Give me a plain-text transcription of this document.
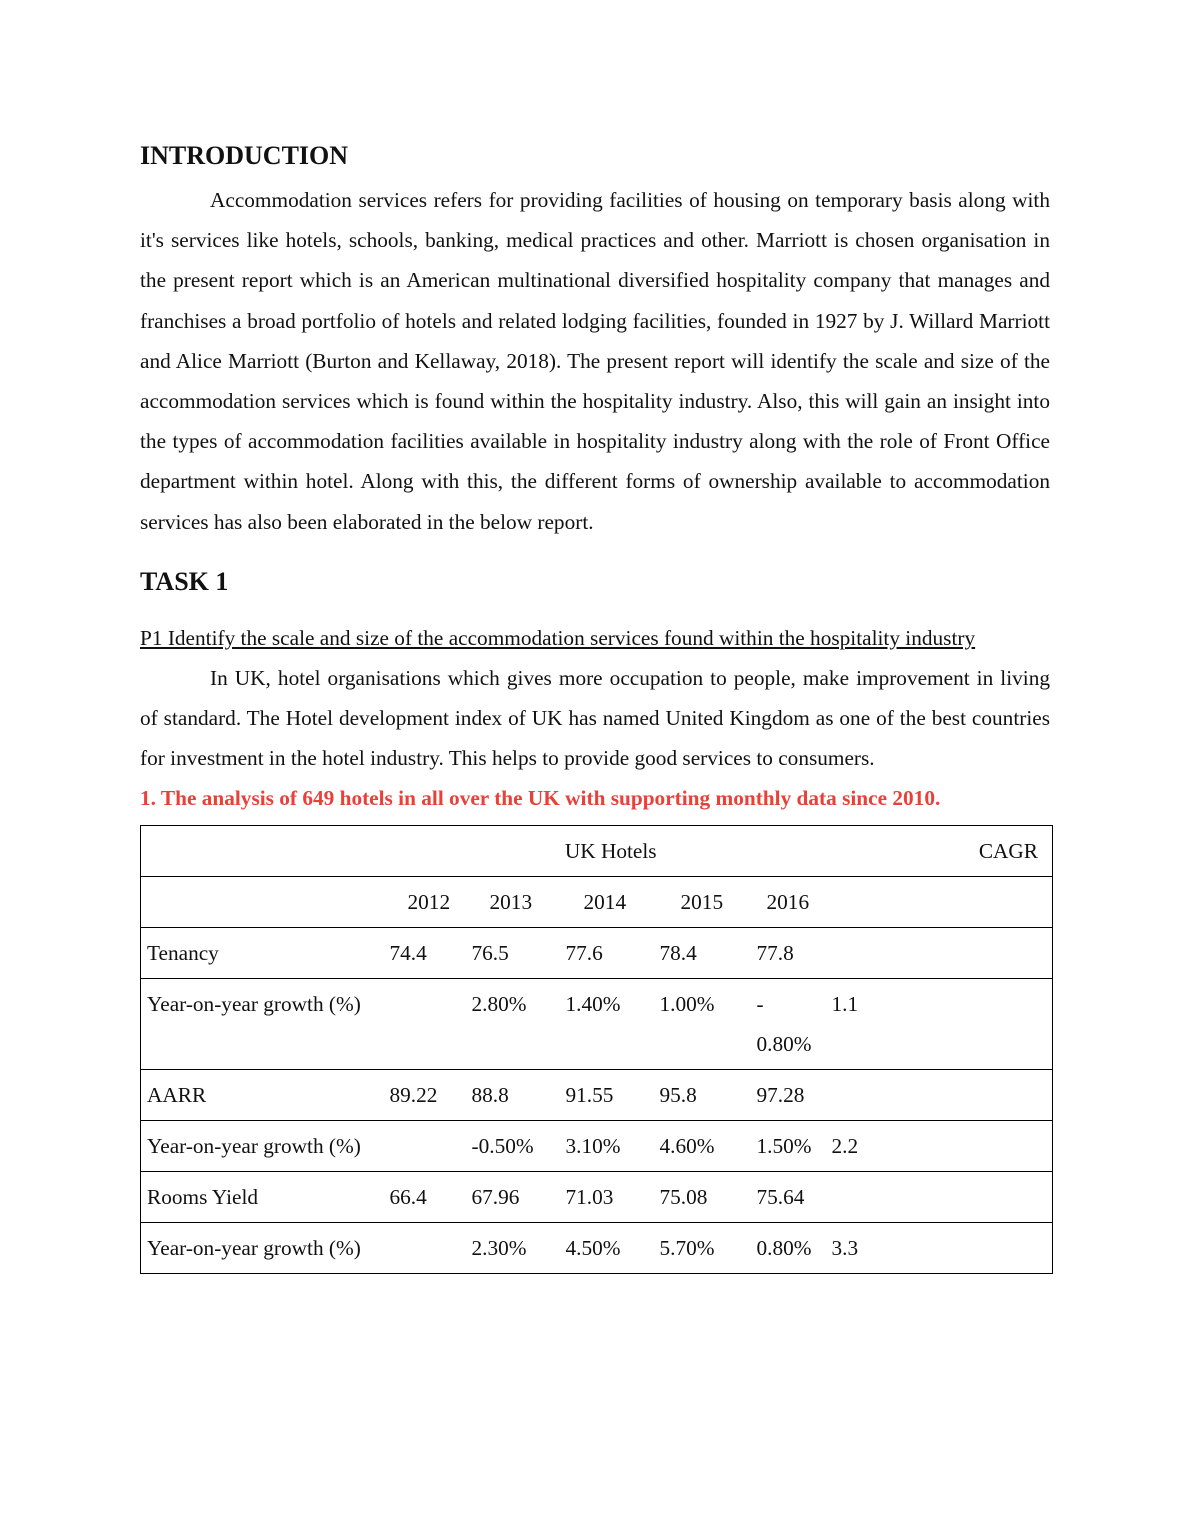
INTRODUCTION

Accommodation services refers for providing facilities of housing on temporary basis along with it's services like hotels, schools, banking, medical practices and other. Marriott is chosen organisation in the present report which is an American multinational diversified hospitality company that manages and franchises a broad portfolio of hotels and related lodging facilities, founded in 1927 by J. Willard Marriott and Alice Marriott (Burton and Kellaway, 2018). The present report will identify the scale and size of the accommodation services which is found within the hospitality industry. Also, this will gain an insight into the types of accommodation facilities available in hospitality industry along with the role of Front Office department within hotel. Along with this, the different forms of ownership available to accommodation services has also been elaborated in the below report.

TASK 1

P1 Identify the scale and size of the accommodation services found within the hospitality industry

In UK, hotel organisations which gives more occupation to people, make improvement in living of standard. The Hotel development index of UK has named United Kingdom as one of the best countries for investment in the hotel industry. This helps to provide good services to consumers.

1. The analysis of 649 hotels in all over the UK with supporting monthly data since 2010.

UK Hotels							CAGR
	2012	2013	2014	2015	2016		
Tenancy	74.4	76.5	77.6	78.4	77.8		
Year-on-year growth (%)		2.80%	1.40%	1.00%	- 0.80%	1.1	
AARR	89.22	88.8	91.55	95.8	97.28		
Year-on-year growth (%)		-0.50%	3.10%	4.60%	1.50%	2.2	
Rooms Yield	66.4	67.96	71.03	75.08	75.64		
Year-on-year growth (%)		2.30%	4.50%	5.70%	0.80%	3.3	
